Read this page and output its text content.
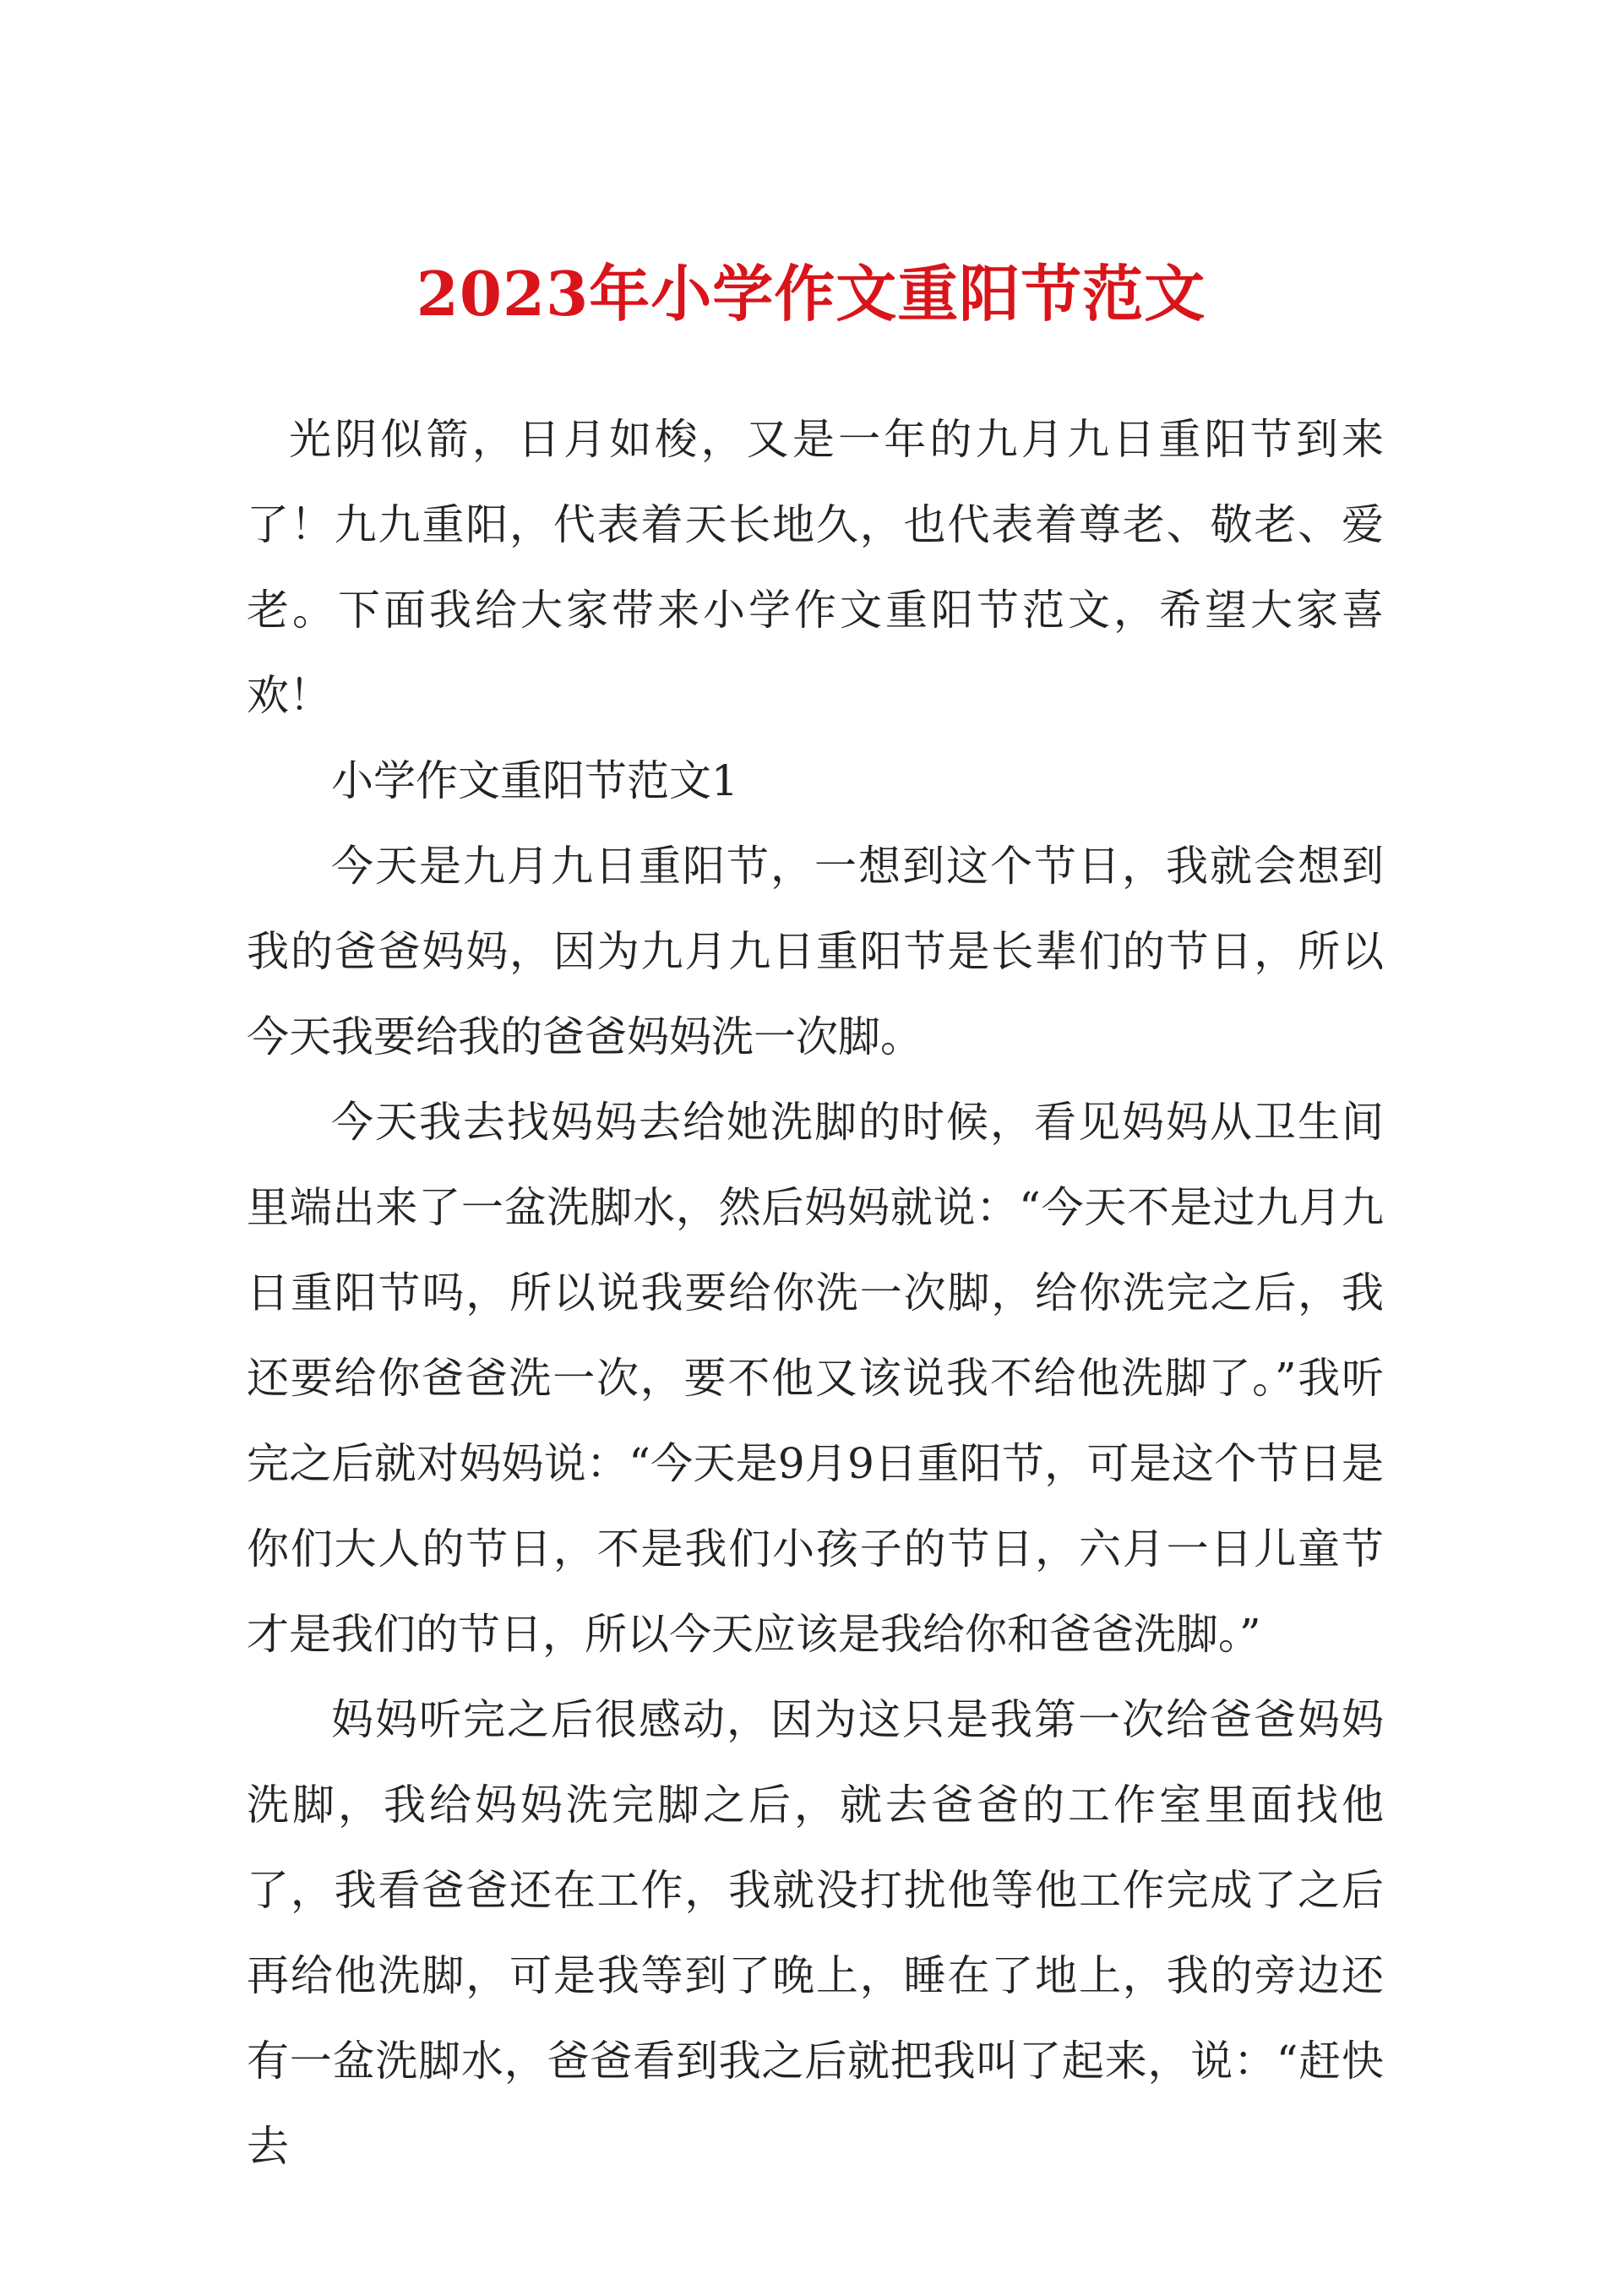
2023年小学作文重阳节范文

光阴似箭，日月如梭，又是一年的九月九日重阳节到来了！九九重阳，代表着天长地久，也代表着尊老、敬老、爱老。下面我给大家带来小学作文重阳节范文，希望大家喜欢！

小学作文重阳节范文1

今天是九月九日重阳节，一想到这个节日，我就会想到我的爸爸妈妈，因为九月九日重阳节是长辈们的节日，所以今天我要给我的爸爸妈妈洗一次脚。

今天我去找妈妈去给她洗脚的时候，看见妈妈从卫生间里端出来了一盆洗脚水，然后妈妈就说：“今天不是过九月九日重阳节吗，所以说我要给你洗一次脚，给你洗完之后，我还要给你爸爸洗一次，要不他又该说我不给他洗脚了。”我听完之后就对妈妈说：“今天是9月9日重阳节，可是这个节日是你们大人的节日，不是我们小孩子的节日，六月一日儿童节才是我们的节日，所以今天应该是我给你和爸爸洗脚。”

妈妈听完之后很感动，因为这只是我第一次给爸爸妈妈洗脚，我给妈妈洗完脚之后，就去爸爸的工作室里面找他了，我看爸爸还在工作，我就没打扰他等他工作完成了之后再给他洗脚，可是我等到了晚上，睡在了地上，我的旁边还有一盆洗脚水，爸爸看到我之后就把我叫了起来，说：“赶快去
